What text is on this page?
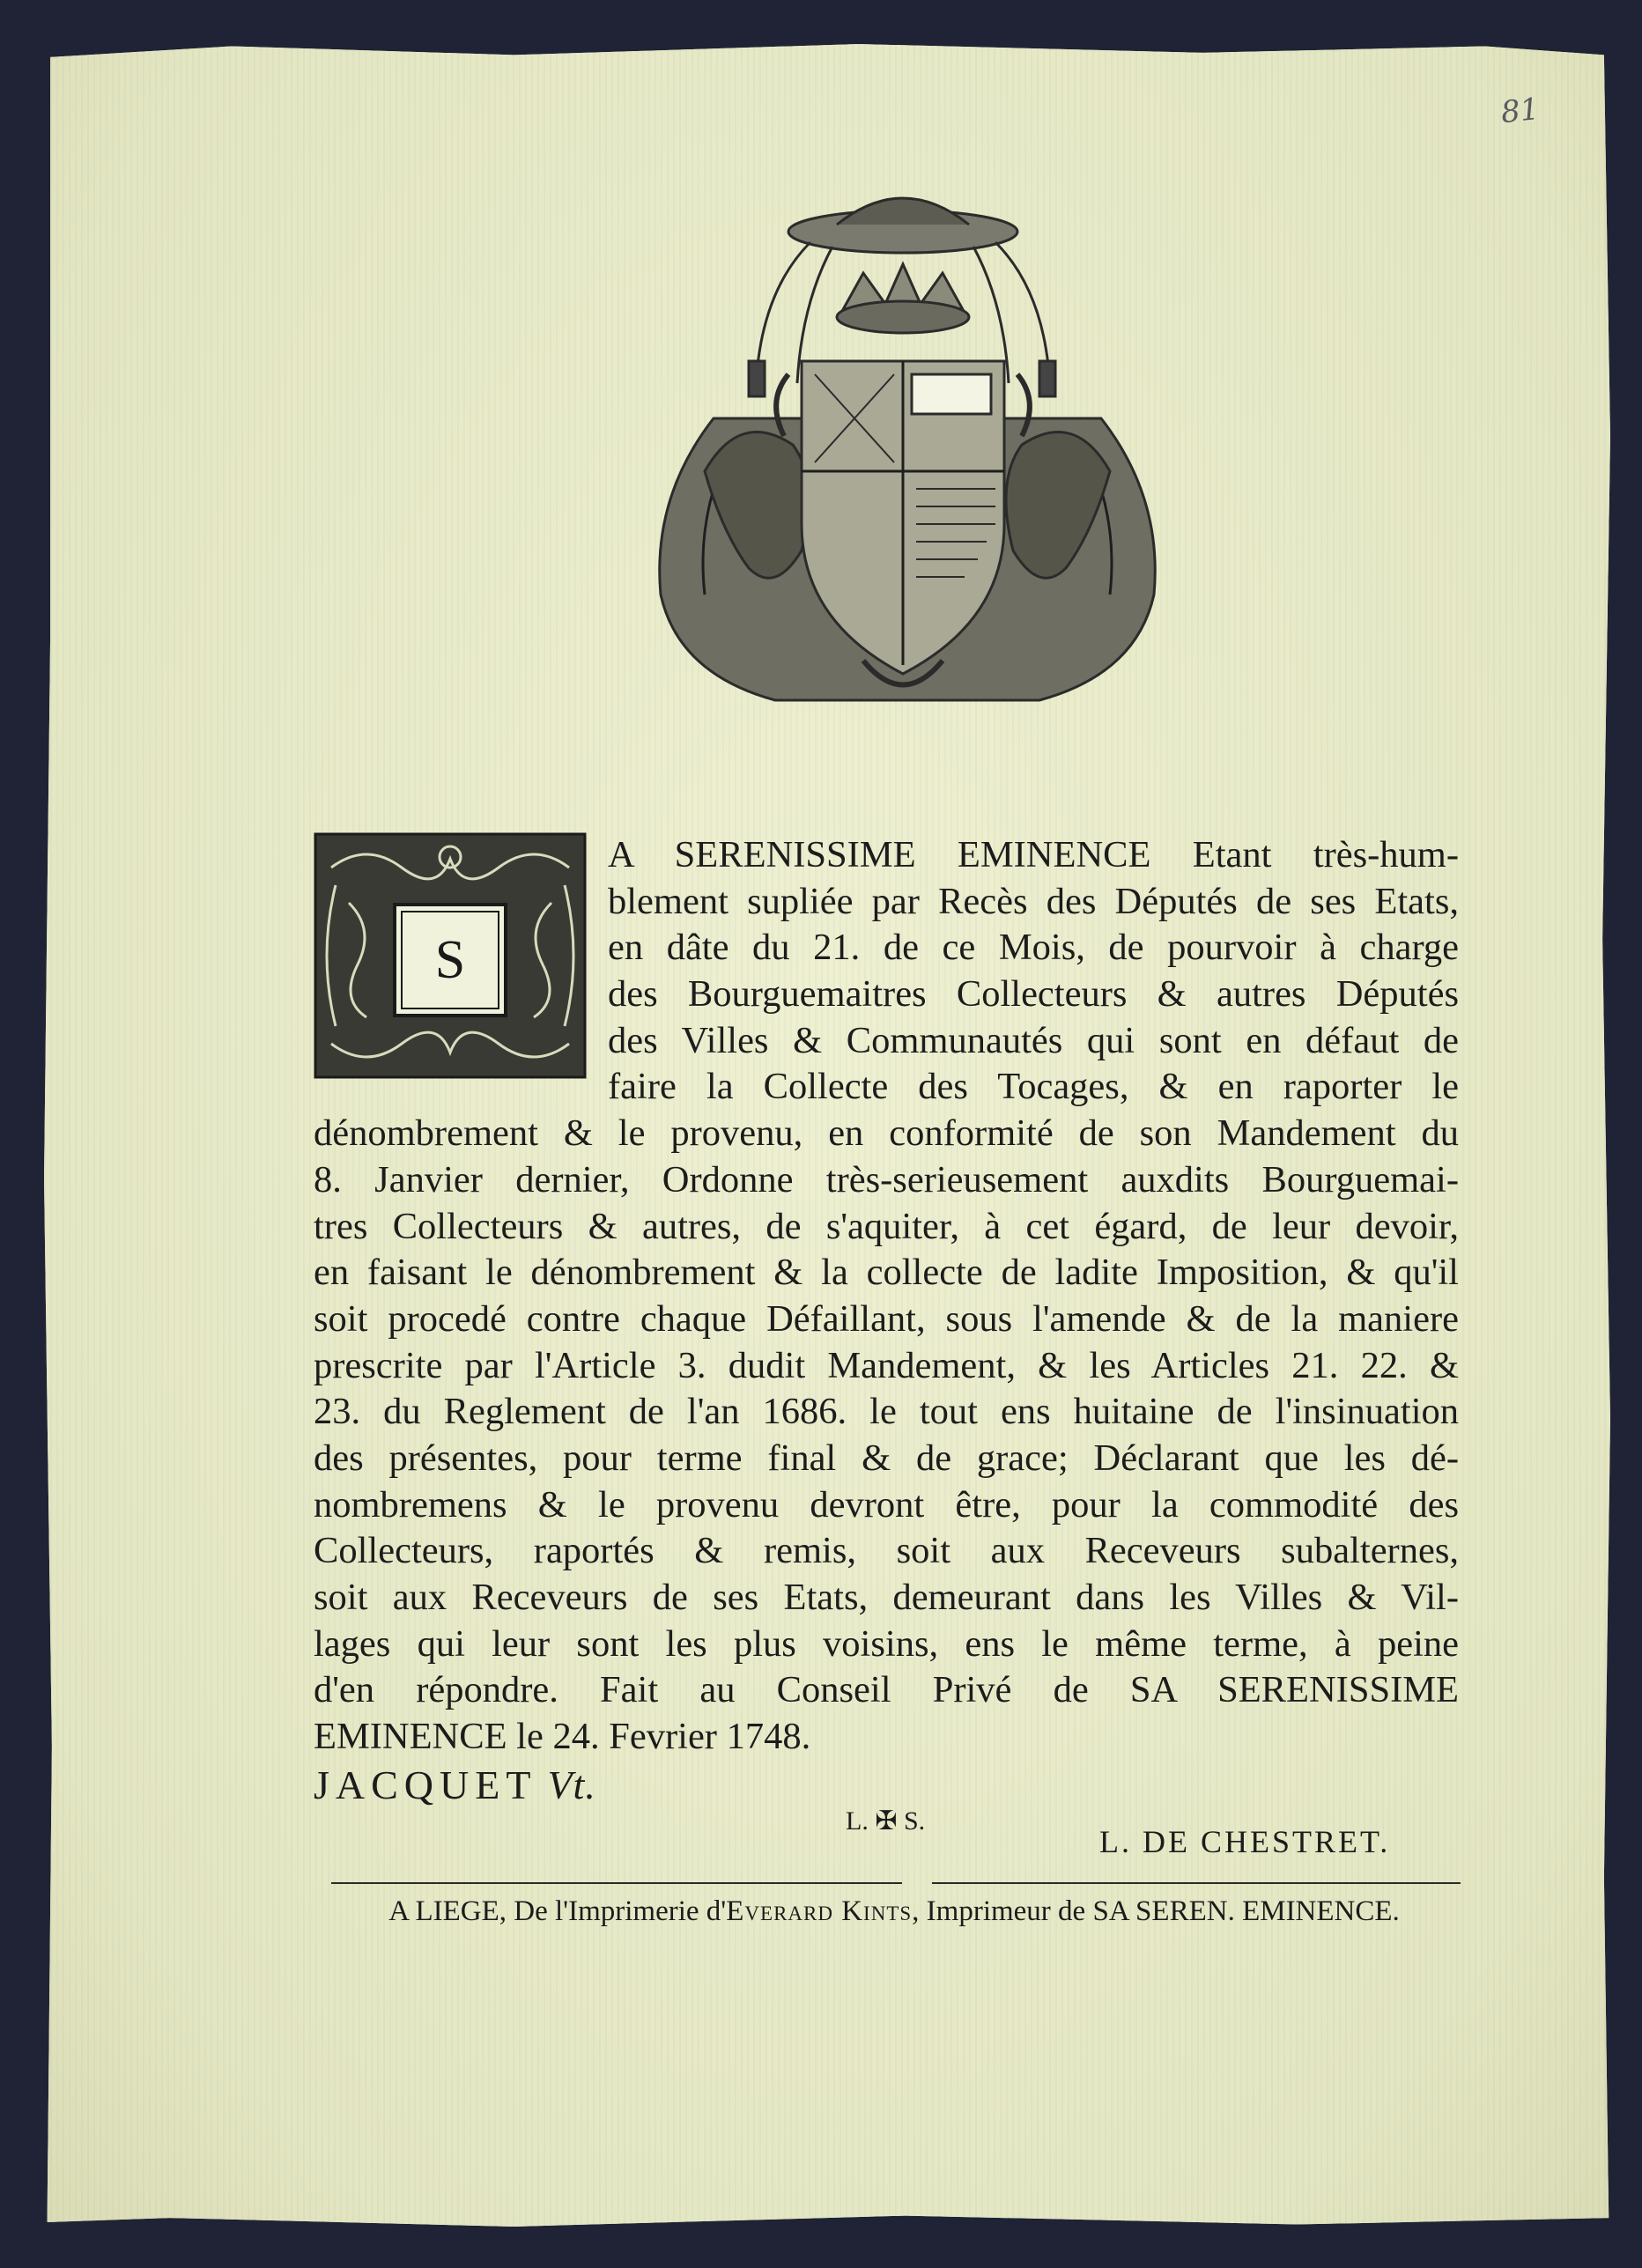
81
S
A SERENISSIME EMINENCE Etant très-hum-
blement supliée par Recès des Députés de ses Etats,
en dâte du 21. de ce Mois, de pourvoir à charge
des Bourguemaitres Collecteurs & autres Députés
des Villes & Communautés qui sont en défaut de
faire la Collecte des Tocages, & en raporter le
dénombrement & le provenu, en conformité de son Mandement du
8. Janvier dernier, Ordonne très-serieusement auxdits Bourguemai-
tres Collecteurs & autres, de s'aquiter, à cet égard, de leur devoir,
en faisant le dénombrement & la collecte de ladite Imposition, & qu'il
soit procedé contre chaque Défaillant, sous l'amende & de la maniere
prescrite par l'Article 3. dudit Mandement, & les Articles 21. 22. &
23. du Reglement de l'an 1686. le tout ens huitaine de l'insinuation
des présentes, pour terme final & de grace; Déclarant que les dé-
nombremens & le provenu devront être, pour la commodité des
Collecteurs, raportés & remis, soit aux Receveurs subalternes,
soit aux Receveurs de ses Etats, demeurant dans les Villes & Vil-
lages qui leur sont les plus voisins, ens le même terme, à peine
d'en répondre. Fait au Conseil Privé de SA SERENISSIME
EMINENCE le 24. Fevrier 1748.
JACQUET Vt.
L. ✠ S.
L. DE CHESTRET.
A LIEGE, De l'Imprimerie d'Everard Kints, Imprimeur de SA SEREN. EMINENCE.
